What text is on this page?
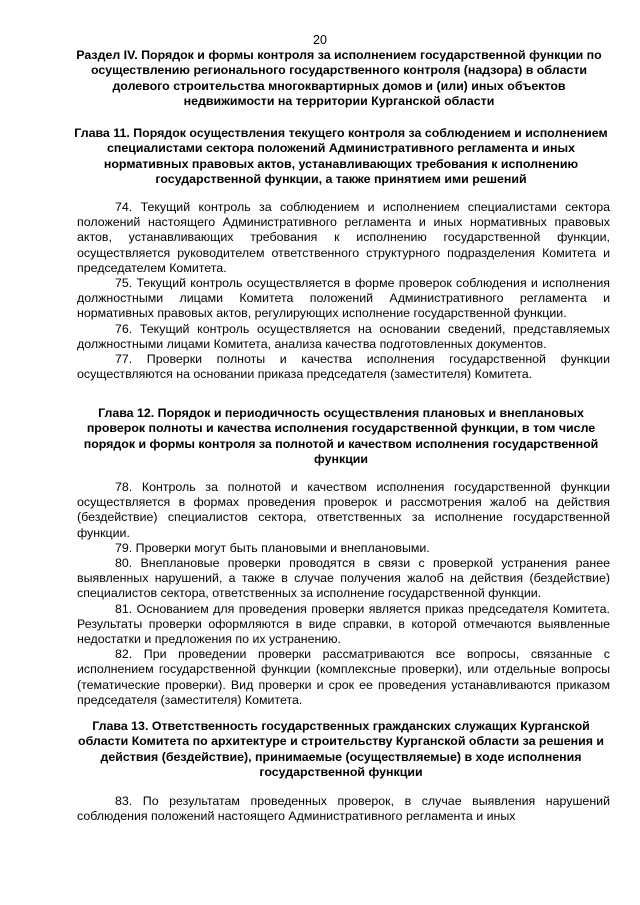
20
Раздел IV. Порядок и формы контроля за исполнением государственной функции по осуществлению регионального государственного контроля (надзора) в области долевого строительства многоквартирных домов и (или) иных объектов недвижимости на территории Курганской области
Глава 11. Порядок осуществления текущего контроля за соблюдением и исполнением специалистами сектора положений Административного регламента и иных нормативных правовых актов, устанавливающих требования к исполнению государственной функции, а также принятием ими решений

74. Текущий контроль за соблюдением и исполнением специалистами сектора положений настоящего Административного регламента и иных нормативных правовых актов, устанавливающих требования к исполнению государственной функции, осуществляется руководителем ответственного структурного подразделения Комитета и председателем Комитета.

75. Текущий контроль осуществляется в форме проверок соблюдения и исполнения должностными лицами Комитета положений Административного регламента и нормативных правовых актов, регулирующих исполнение государственной функции.

76. Текущий контроль осуществляется на основании сведений, представляемых должностными лицами Комитета, анализа качества подготовленных документов.

77. Проверки полноты и качества исполнения государственной функции осуществляются на основании приказа председателя (заместителя) Комитета.

Глава 12. Порядок и периодичность осуществления плановых и внеплановых проверок полноты и качества исполнения государственной функции, в том числе порядок и формы контроля за полнотой и качеством исполнения государственной функции

78. Контроль за полнотой и качеством исполнения государственной функции осуществляется в формах проведения проверок и рассмотрения жалоб на действия (бездействие) специалистов сектора, ответственных за исполнение государственной функции.

79. Проверки могут быть плановыми и внеплановыми.

80. Внеплановые проверки проводятся в связи с проверкой устранения ранее выявленных нарушений, а также в случае получения жалоб на действия (бездействие) специалистов сектора, ответственных за исполнение государственной функции.

81. Основанием для проведения проверки является приказ председателя Комитета. Результаты проверки оформляются в виде справки, в которой отмечаются выявленные недостатки и предложения по их устранению.

82. При проведении проверки рассматриваются все вопросы, связанные с исполнением государственной функции (комплексные проверки), или отдельные вопросы (тематические проверки). Вид проверки и срок ее проведения устанавливаются приказом председателя (заместителя) Комитета.

Глава 13. Ответственность государственных гражданских служащих Курганской области Комитета по архитектуре и строительству Курганской области за решения и действия (бездействие), принимаемые (осуществляемые) в ходе исполнения государственной функции

83. По результатам проведенных проверок, в случае выявления нарушений соблюдения положений настоящего Административного регламента и иных
